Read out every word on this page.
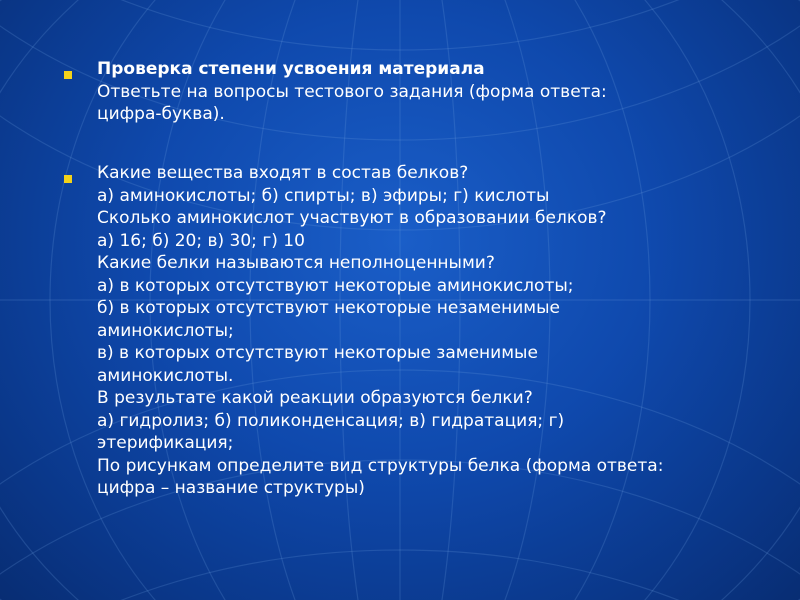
Проверка степени усвоения материала
Ответьте на вопросы тестового задания (форма ответа:
цифра-буква).
Какие вещества входят в состав белков?
а) аминокислоты; б) спирты; в) эфиры; г) кислоты
Сколько аминокислот участвуют в образовании белков?
а) 16; б) 20; в) 30; г) 10
Какие белки называются неполноценными?
а) в которых отсутствуют некоторые аминокислоты;
б) в которых отсутствуют некоторые незаменимые
аминокислоты;
в) в которых отсутствуют некоторые заменимые
аминокислоты.
В результате какой реакции образуются белки?
а) гидролиз; б) поликонденсация; в) гидратация; г)
этерификация;
По рисункам определите вид структуры белка (форма ответа:
цифра – название структуры)
